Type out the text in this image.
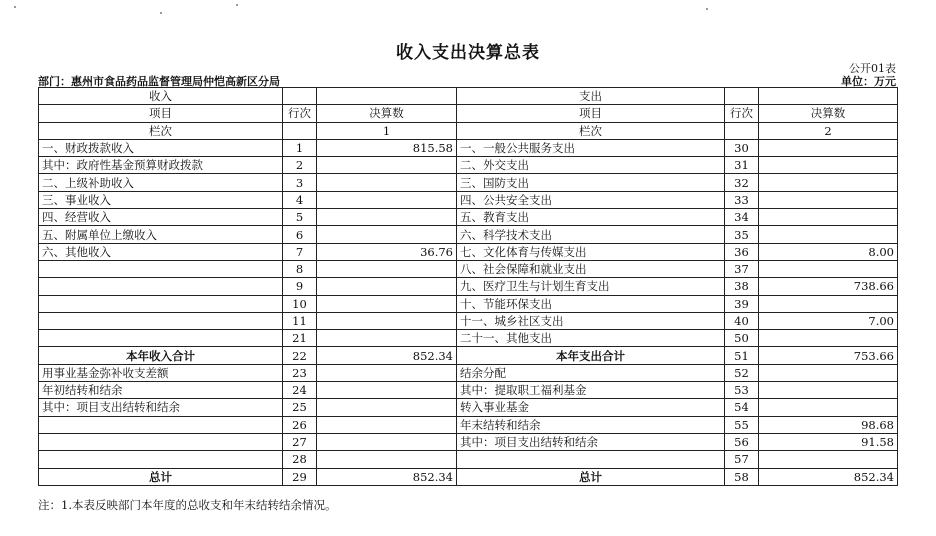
收入支出决算总表
公开01表
部门：惠州市食品药品监督管理局仲恺高新区分局	单位：万元
收入			支出		
项目	行次	决算数	项目	行次	决算数
栏次		1	栏次		2
一、财政拨款收入	1	815.58	一、一般公共服务支出	30	
其中：政府性基金预算财政拨款	2		二、外交支出	31	
二、上级补助收入	3		三、国防支出	32	
三、事业收入	4		四、公共安全支出	33	
四、经营收入	5		五、教育支出	34	
五、附属单位上缴收入	6		六、科学技术支出	35	
六、其他收入	7	36.76	七、文化体育与传媒支出	36	8.00
	8		八、社会保障和就业支出	37	
	9		九、医疗卫生与计划生育支出	38	738.66
	10		十、节能环保支出	39	
	11		十一、城乡社区支出	40	7.00
	21		二十一、其他支出	50	
本年收入合计	22	852.34	本年支出合计	51	753.66
用事业基金弥补收支差额	23		结余分配	52	
年初结转和结余	24		其中：提取职工福利基金	53	
其中：项目支出结转和结余	25		转入事业基金	54	
	26		年末结转和结余	55	98.68
	27		其中：项目支出结转和结余	56	91.58
	28			57	
总计	29	852.34	总计	58	852.34
注：1.本表反映部门本年度的总收支和年末结转结余情况。
